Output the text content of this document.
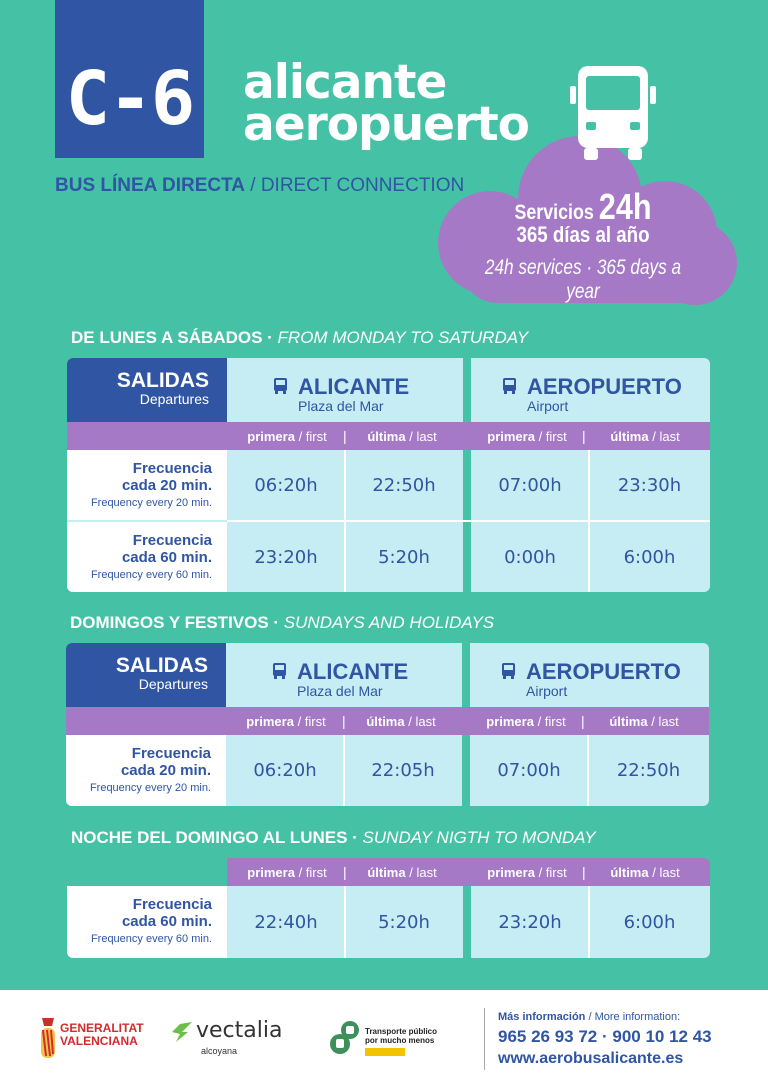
C-6 alicante
aeropuerto
BUS LÍNEA DIRECTA / DIRECT CONNECTION
Servicios 24h
365 días al año
24h services · 365 days a year
DE LUNES A SÁBADOS · FROM MONDAY TO SATURDAY
SALIDAS
Departures	ALICANTE
Plaza del Mar
AEROPUERTO
Airport
primera / first	|	última / last	primera / first	|	última / last
Frecuencia
cada 20 min.
Frequency every 20 min.
06:20h	22:50h	07:00h	23:30h
Frecuencia
cada 60 min.
Frequency every 60 min.
23:20h	5:20h	0:00h	6:00h
DOMINGOS Y FESTIVOS · SUNDAYS AND HOLIDAYS
SALIDAS
Departures	ALICANTE
Plaza del Mar
AEROPUERTO
Airport
primera / first	|	última / last	primera / first	|	última / last
Frecuencia
cada 20 min.
Frequency every 20 min.
06:20h	22:05h	07:00h	22:50h
NOCHE DEL DOMINGO AL LUNES · SUNDAY NIGTH TO MONDAY
primera / first	|	última / last	primera / first	|	última / last
Frecuencia
cada 60 min.
Frequency every 60 min.
22:40h	5:20h	23:20h	6:00h
GENERALITAT
VALENCIANA	vectalia
alcoyana
Transporte público por mucho menos
Más información / More information:
965 26 93 72 · 900 10 12 43
www.aerobusalicante.es
